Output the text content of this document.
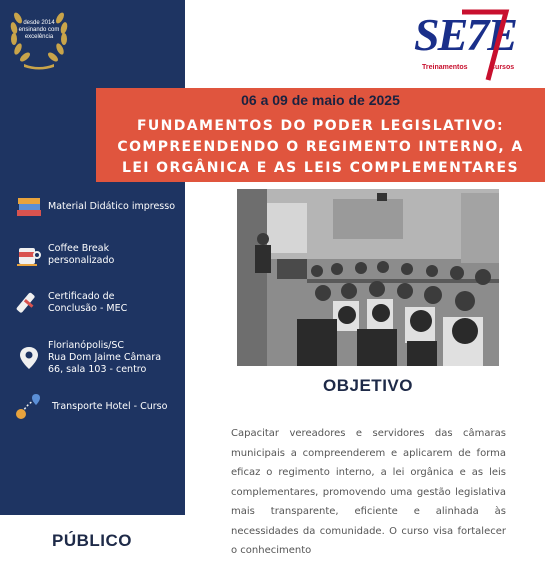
desde 2014
ensinando com
excelência	SE7E
Treinamentos	Cursos
06 a 09 de maio de 2025
FUNDAMENTOS DO PODER LEGISLATIVO:
COMPREENDENDO O REGIMENTO INTERNO, A
LEI ORGÂNICA E AS LEIS COMPLEMENTARES
Material Didático impresso
Coffee Break
personalizado
Certificado de
Conclusão - MEC
Florianópolis/SC
Rua Dom Jaime Câmara
66, sala 103 - centro
Transporte Hotel - Curso
OBJETIVO
Capacitar vereadores e servidores das câmaras municipais a compreenderem e aplicarem de forma eficaz o regimento interno, a lei orgânica e as leis complementares, promovendo uma gestão legislativa mais transparente, eficiente e alinhada às necessidades da comunidade. O curso visa fortalecer o conhecimento
PÚBLICO
